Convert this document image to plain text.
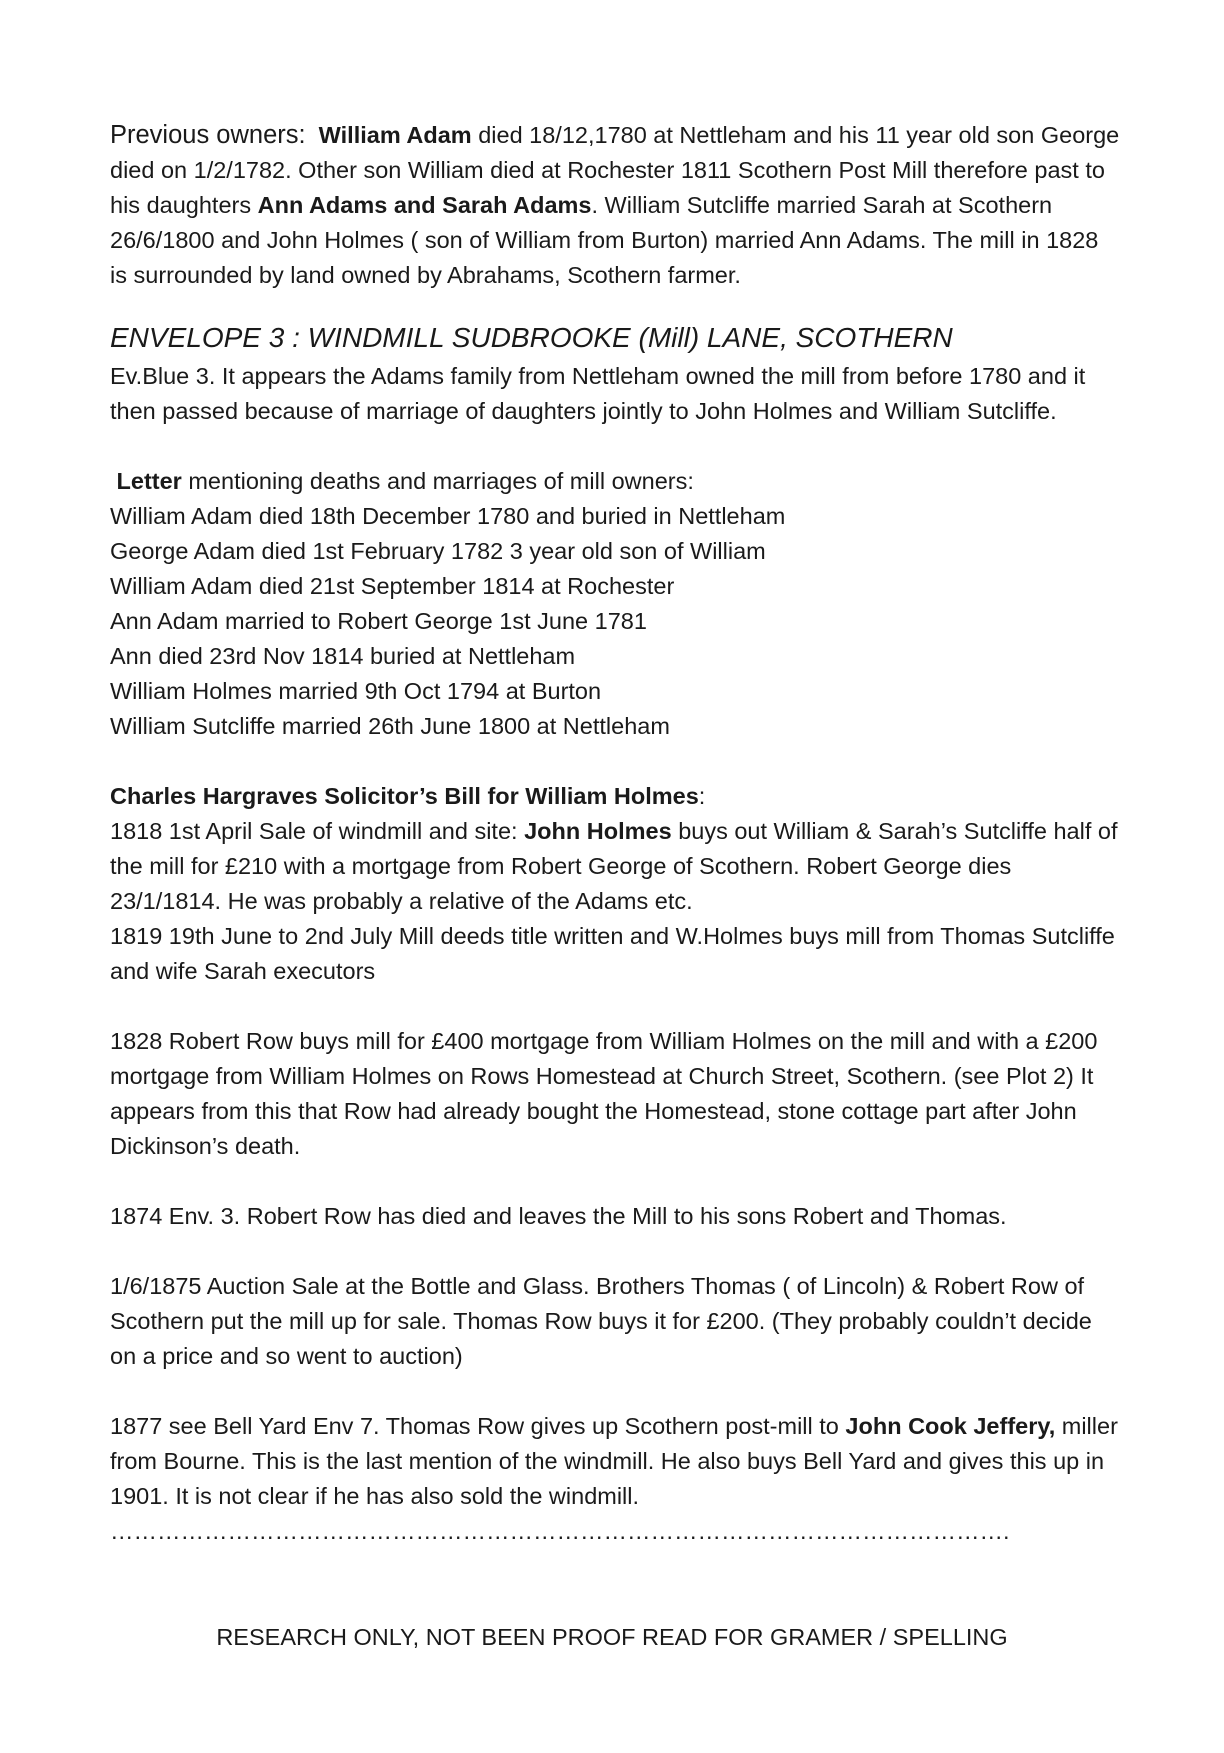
Previous owners: William Adam died 18/12,1780 at Nettleham and his 11 year old son George died on 1/2/1782. Other son William died at Rochester 1811 Scothern Post Mill therefore past to his daughters Ann Adams and Sarah Adams. William Sutcliffe married Sarah at Scothern 26/6/1800 and John Holmes ( son of William from Burton) married Ann Adams. The mill in 1828 is surrounded by land owned by Abrahams, Scothern farmer.

ENVELOPE 3 : WINDMILL SUDBROOKE (Mill) LANE, SCOTHERN

Ev.Blue 3. It appears the Adams family from Nettleham owned the mill from before 1780 and it then passed because of marriage of daughters jointly to John Holmes and William Sutcliffe.

Letter mentioning deaths and marriages of mill owners:

William Adam died 18th December 1780 and buried in Nettleham

George Adam died 1st February 1782 3 year old son of William

William Adam died 21st September 1814 at Rochester

Ann Adam married to Robert George 1st June 1781

Ann died 23rd Nov 1814 buried at Nettleham

William Holmes married 9th Oct 1794 at Burton

William Sutcliffe married 26th June 1800 at Nettleham

Charles Hargraves Solicitor’s Bill for William Holmes:

1818 1st April Sale of windmill and site: John Holmes buys out William & Sarah’s Sutcliffe half of the mill for £210 with a mortgage from Robert George of Scothern. Robert George dies 23/1/1814. He was probably a relative of the Adams etc.

1819 19th June to 2nd July Mill deeds title written and W.Holmes buys mill from Thomas Sutcliffe and wife Sarah executors

1828 Robert Row buys mill for £400 mortgage from William Holmes on the mill and with a £200 mortgage from William Holmes on Rows Homestead at Church Street, Scothern. (see Plot 2) It appears from this that Row had already bought the Homestead, stone cottage part after John Dickinson’s death.

1874 Env. 3. Robert Row has died and leaves the Mill to his sons Robert and Thomas.

1/6/1875 Auction Sale at the Bottle and Glass. Brothers Thomas ( of Lincoln) & Robert Row of Scothern put the mill up for sale. Thomas Row buys it for £200. (They probably couldn’t decide on a price and so went to auction)

1877 see Bell Yard Env 7. Thomas Row gives up Scothern post-mill to John Cook Jeffery, miller from Bourne. This is the last mention of the windmill. He also buys Bell Yard and gives this up in 1901. It is not clear if he has also sold the windmill.

…………………………………………………………………………………………………….

RESEARCH ONLY, NOT BEEN PROOF READ FOR GRAMER / SPELLING
